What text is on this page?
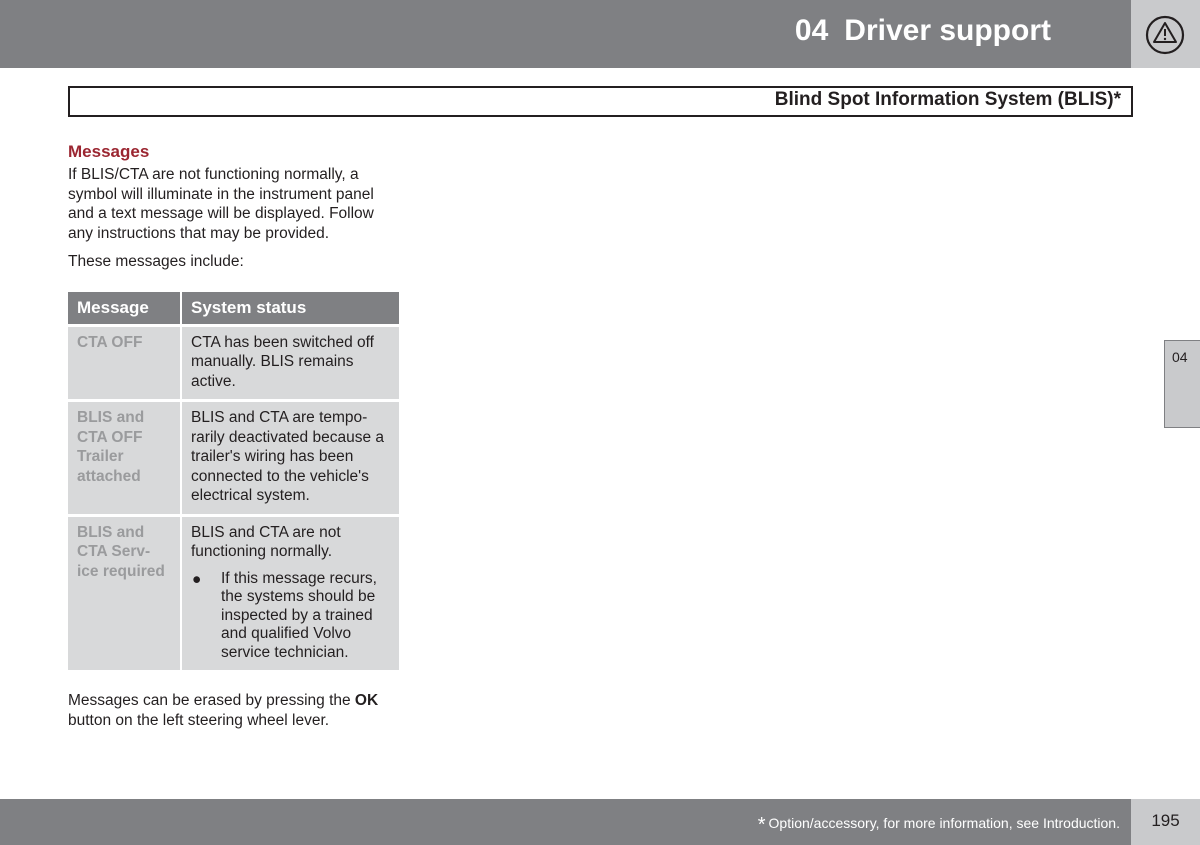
04 Driver support
Blind Spot Information System (BLIS)*
Messages

If BLIS/CTA are not functioning normally, a symbol will illuminate in the instrument panel and a text message will be displayed. Follow any instructions that may be provided.

These messages include:

Message	System status
CTA OFF	CTA has been switched off manually. BLIS remains active.
BLIS and CTA OFF Trailer attached	BLIS and CTA are tempo-rarily deactivated because a trailer's wiring has been connected to the vehicle's electrical system.
BLIS and CTA Serv-ice required	BLIS and CTA are not functioning normally.
● If this message recurs, the systems should be inspected by a trained and qualified Volvo service technician.

Messages can be erased by pressing the OK button on the left steering wheel lever.

04
* Option/accessory, for more information, see Introduction.	195
